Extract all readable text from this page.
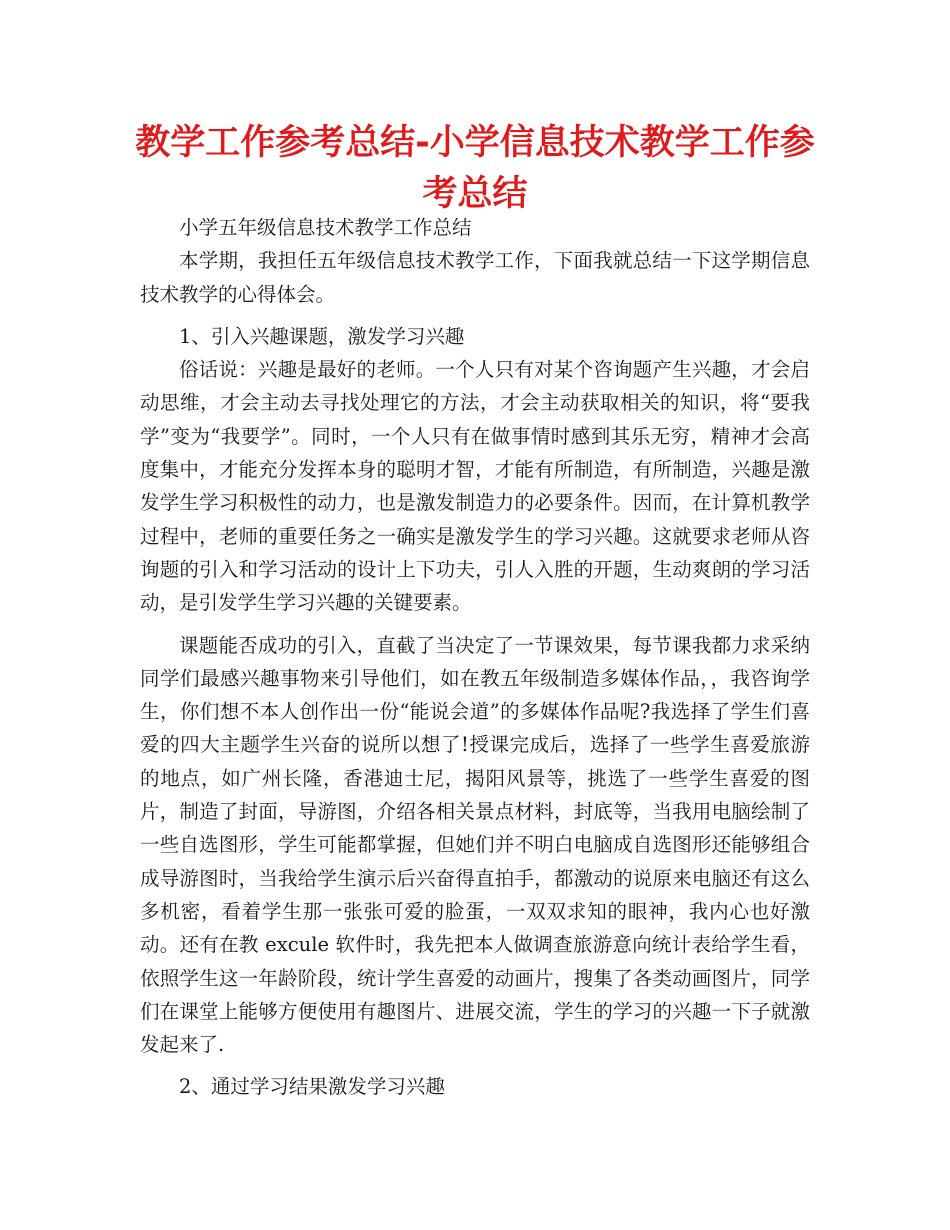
教学工作参考总结-小学信息技术教学工作参考总结

小学五年级信息技术教学工作总结

本学期，我担任五年级信息技术教学工作，下面我就总结一下这学期信息技术教学的心得体会。

1、引入兴趣课题，激发学习兴趣

俗话说：兴趣是最好的老师。一个人只有对某个咨询题产生兴趣，才会启动思维，才会主动去寻找处理它的方法，才会主动获取相关的知识，将“要我学”变为“我要学”。同时，一个人只有在做事情时感到其乐无穷，精神才会高度集中，才能充分发挥本身的聪明才智，才能有所制造，有所制造，兴趣是激发学生学习积极性的动力，也是激发制造力的必要条件。因而，在计算机教学过程中，老师的重要任务之一确实是激发学生的学习兴趣。这就要求老师从咨询题的引入和学习活动的设计上下功夫，引人入胜的开题，生动爽朗的学习活动，是引发学生学习兴趣的关键要素。

课题能否成功的引入，直截了当决定了一节课效果，每节课我都力求采纳同学们最感兴趣事物来引导他们，如在教五年级制造多媒体作品，，我咨询学生，你们想不本人创作出一份“能说会道”的多媒体作品呢?我选择了学生们喜爱的四大主题学生兴奋的说所以想了!授课完成后，选择了一些学生喜爱旅游的地点，如广州长隆，香港迪士尼，揭阳风景等，挑选了一些学生喜爱的图片，制造了封面，导游图，介绍各相关景点材料，封底等，当我用电脑绘制了一些自选图形，学生可能都掌握，但她们并不明白电脑成自选图形还能够组合成导游图时，当我给学生演示后兴奋得直拍手，都激动的说原来电脑还有这么多机密，看着学生那一张张可爱的脸蛋，一双双求知的眼神，我内心也好激动。还有在教 excule 软件时，我先把本人做调查旅游意向统计表给学生看，依照学生这一年龄阶段，统计学生喜爱的动画片，搜集了各类动画图片，同学们在课堂上能够方便使用有趣图片、进展交流，学生的学习的兴趣一下子就激发起来了.

2、通过学习结果激发学习兴趣
